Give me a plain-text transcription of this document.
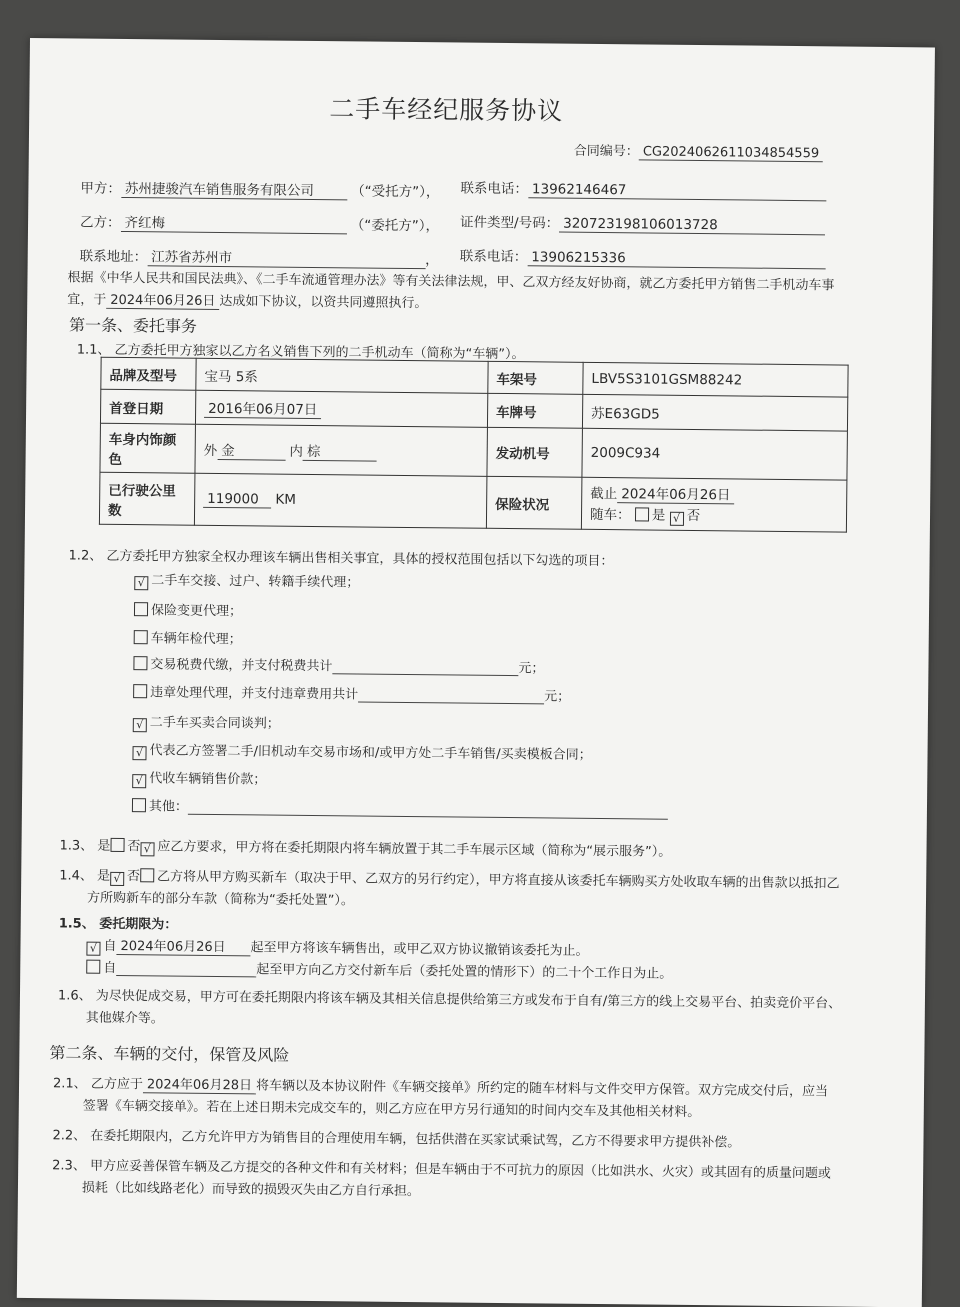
二手车经纪服务协议
合同编号： CG2024062611034854559
甲方： 苏州捷骏汽车销售服务有限公司	（“受托方”）， 联系电话： 13962146467
乙方： 齐红梅	（“委托方”）， 证件类型/号码： 320723198106013728
联系地址： 江苏省苏州市	， 联系电话： 13906215336
根据《中华人民共和国民法典》、《二手车流通管理办法》等有关法律法规，甲、乙双方经友好协商，就乙方委托甲方销售二手机动车事
宜，于 2024年06月26日 达成如下协议，以资共同遵照执行。
第一条、委托事务
1.1、 乙方委托甲方独家以乙方名义销售下列的二手机动车（简称为“车辆”）。
品牌及型号	宝马 5系	车架号	LBV5S3101GSM88242
首登日期	2016年06月07日	车牌号	苏E63GD5
车身内饰颜色	外 金 内 棕	发动机号	2009C934
已行驶公里数	119000 KM	保险状况	截止 2024年06月26日
随车： 是 √ 否
1.2、 乙方委托甲方独家全权办理该车辆出售相关事宜，具体的授权范围包括以下勾选的项目：
√ 二手车交接、过户、转籍手续代理；
保险变更代理；
车辆年检代理；
交易税费代缴，并支付税费共计	元；
违章处理代理，并支付违章费用共计	元；
√ 二手车买卖合同谈判；
√ 代表乙方签署二手/旧机动车交易市场和/或甲方处二手车销售/买卖模板合同；
√ 代收车辆销售价款；
其他：
1.3、 是 否 √ 应乙方要求，甲方将在委托期限内将车辆放置于其二手车展示区域（简称为“展示服务”）。
1.4、 是 √ 否 乙方将从甲方购买新车（取决于甲、乙双方的另行约定），甲方将直接从该委托车辆购买方处收取车辆的出售款以抵扣乙
方所购新车的部分车款（简称为“委托处置”）。
1.5、 委托期限为：
√ 自 2024年06月26日 起至甲方将该车辆售出，或甲乙双方协议撤销该委托为止。
自	起至甲方向乙方交付新车后（委托处置的情形下）的二十个工作日为止。
1.6、 为尽快促成交易，甲方可在委托期限内将该车辆及其相关信息提供给第三方或发布于自有/第三方的线上交易平台、拍卖竞价平台、
其他媒介等。
第二条、车辆的交付，保管及风险
2.1、 乙方应于 2024年06月28日 将车辆以及本协议附件《车辆交接单》所约定的随车材料与文件交甲方保管。双方完成交付后，应当
签署《车辆交接单》。若在上述日期未完成交车的，则乙方应在甲方另行通知的时间内交车及其他相关材料。
2.2、 在委托期限内，乙方允许甲方为销售目的合理使用车辆，包括供潜在买家试乘试驾，乙方不得要求甲方提供补偿。
2.3、 甲方应妥善保管车辆及乙方提交的各种文件和有关材料；但是车辆由于不可抗力的原因（比如洪水、火灾）或其固有的质量问题或
损耗（比如线路老化）而导致的损毁灭失由乙方自行承担。
